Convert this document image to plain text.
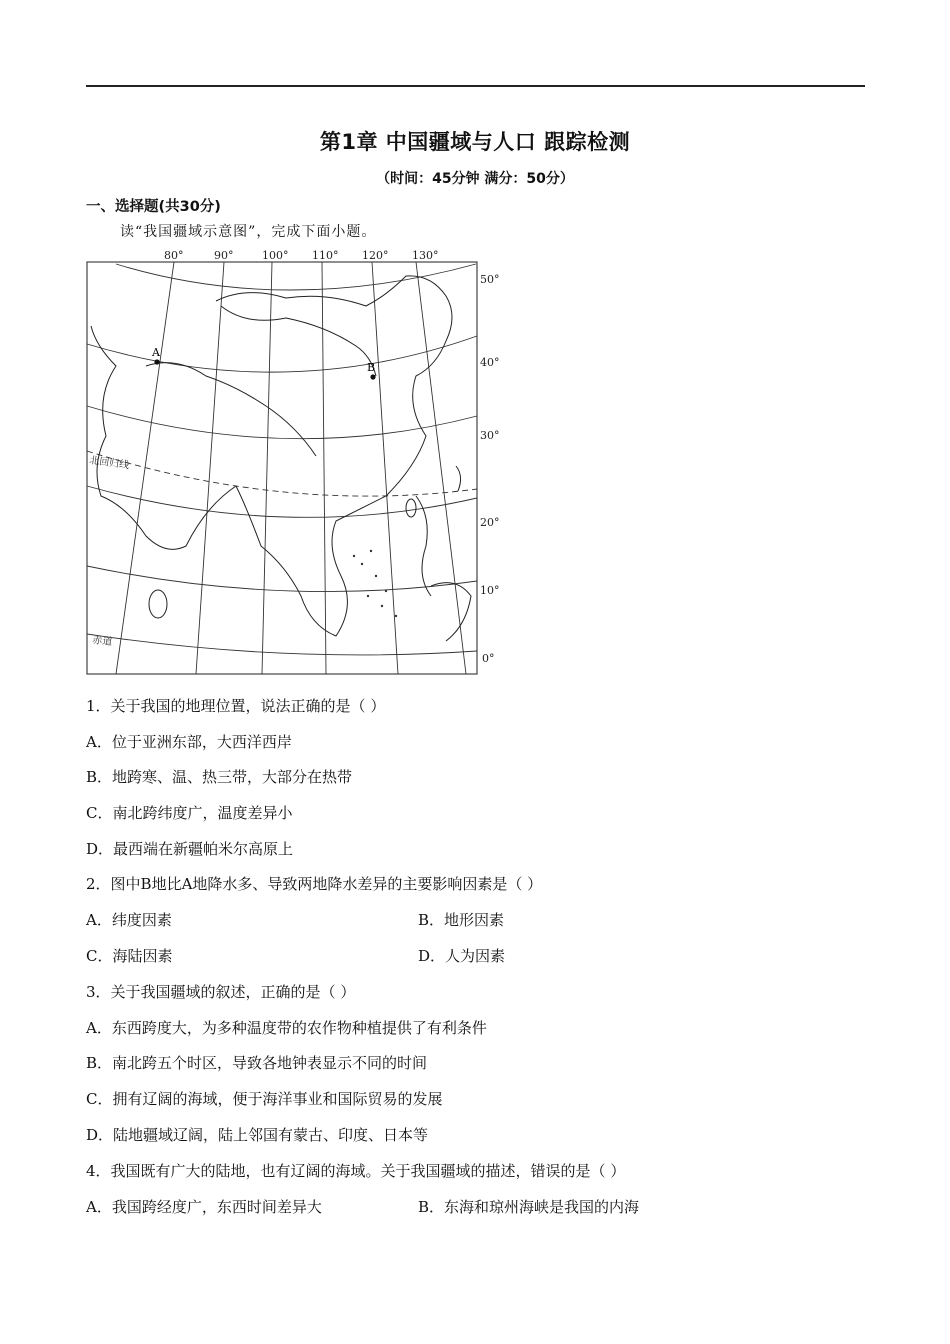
第1章 中国疆域与人口 跟踪检测
（时间：45分钟 满分：50分）
一、选择题(共30分)
读“我国疆域示意图”，完成下面小题。
A
B
80°	90°	100° 110° 120° 130°
50°
40°
30°
20°
10°
0°
北回归线
赤道
1．关于我国的地理位置，说法正确的是（ ）
A．位于亚洲东部，大西洋西岸
B．地跨寒、温、热三带，大部分在热带
C．南北跨纬度广，温度差异小
D．最西端在新疆帕米尔高原上
2．图中B地比A地降水多、导致两地降水差异的主要影响因素是（ ）
A．纬度因素	B．地形因素
C．海陆因素	D．人为因素
3．关于我国疆域的叙述，正确的是（ ）
A．东西跨度大，为多种温度带的农作物种植提供了有利条件
B．南北跨五个时区，导致各地钟表显示不同的时间
C．拥有辽阔的海域，便于海洋事业和国际贸易的发展
D．陆地疆域辽阔，陆上邻国有蒙古、印度、日本等
4．我国既有广大的陆地，也有辽阔的海域。关于我国疆域的描述，错误的是（ ）
A．我国跨经度广，东西时间差异大	B．东海和琼州海峡是我国的内海
